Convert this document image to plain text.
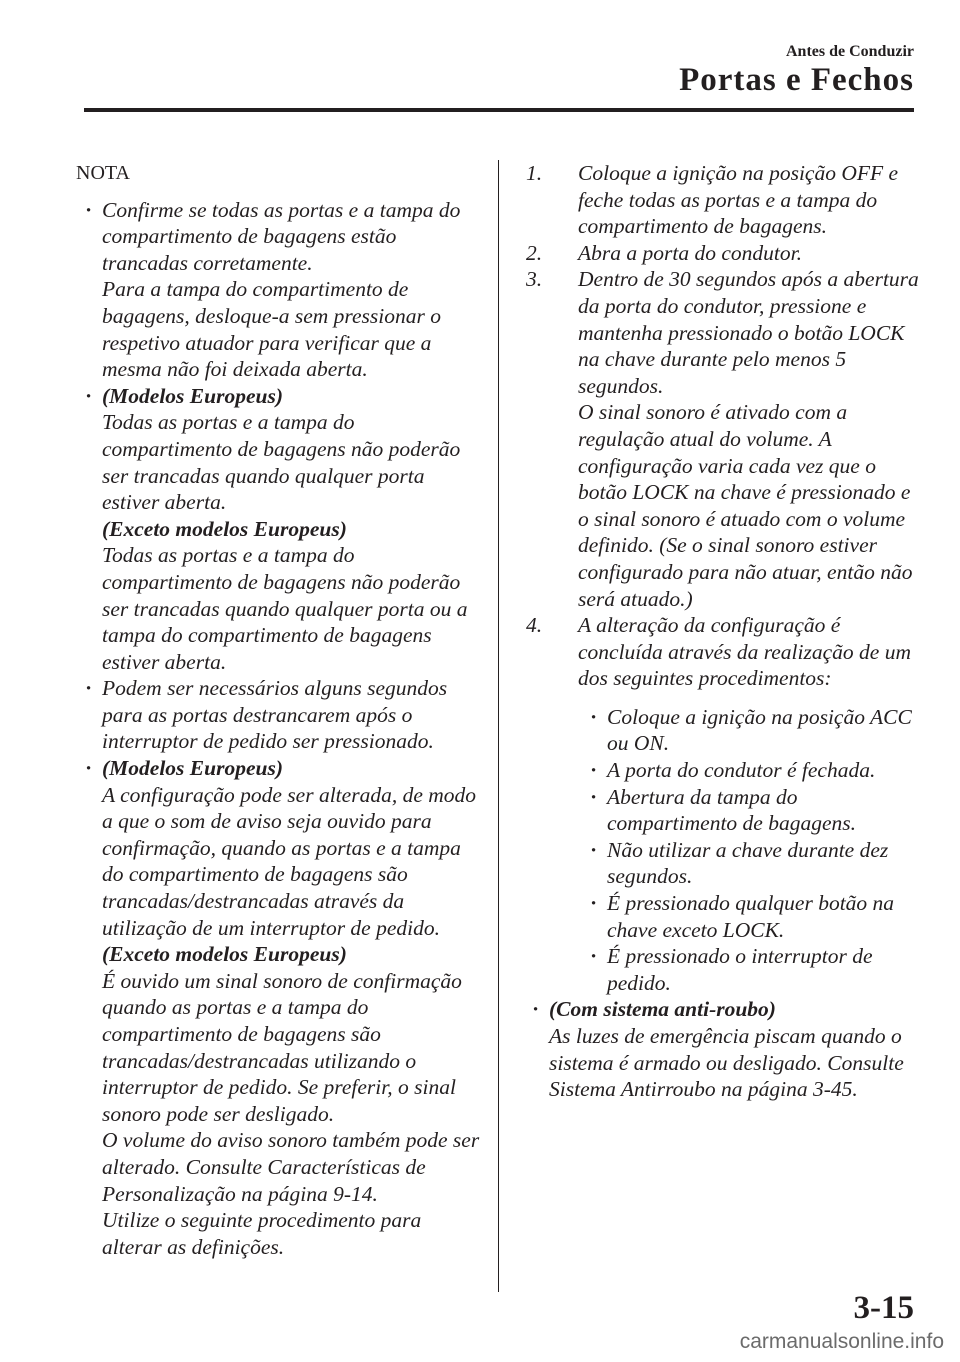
Antes de Conduzir
Portas e Fechos

NOTA

· Confirme se todas as portas e a tampa do compartimento de bagagens estão trancadas corretamente.

Para a tampa do compartimento de bagagens, desloque-a sem pressionar o respetivo atuador para verificar que a mesma não foi deixada aberta.

· (Modelos Europeus)

Todas as portas e a tampa do compartimento de bagagens não poderão ser trancadas quando qualquer porta estiver aberta.

(Exceto modelos Europeus)

Todas as portas e a tampa do compartimento de bagagens não poderão ser trancadas quando qualquer porta ou a tampa do compartimento de bagagens estiver aberta.

· Podem ser necessários alguns segundos para as portas destrancarem após o interruptor de pedido ser pressionado.

· (Modelos Europeus)

A configuração pode ser alterada, de modo a que o som de aviso seja ouvido para confirmação, quando as portas e a tampa do compartimento de bagagens são trancadas/destrancadas através da utilização de um interruptor de pedido.

(Exceto modelos Europeus)

É ouvido um sinal sonoro de confirmação quando as portas e a tampa do compartimento de bagagens são trancadas/destrancadas utilizando o interruptor de pedido. Se preferir, o sinal sonoro pode ser desligado.

O volume do aviso sonoro também pode ser alterado. Consulte Características de Personalização na página 9-14.

Utilize o seguinte procedimento para alterar as definições.

1. Coloque a ignição na posição OFF e feche todas as portas e a tampa do compartimento de bagagens.

2. Abra a porta do condutor.

3. Dentro de 30 segundos após a abertura da porta do condutor, pressione e mantenha pressionado o botão LOCK na chave durante pelo menos 5 segundos.

O sinal sonoro é ativado com a regulação atual do volume. A configuração varia cada vez que o botão LOCK na chave é pressionado e o sinal sonoro é atuado com o volume definido. (Se o sinal sonoro estiver configurado para não atuar, então não será atuado.)

4. A alteração da configuração é concluída através da realização de um dos seguintes procedimentos:

· Coloque a ignição na posição ACC ou ON.

· A porta do condutor é fechada.

· Abertura da tampa do compartimento de bagagens.

· Não utilizar a chave durante dez segundos.

· É pressionado qualquer botão na chave exceto LOCK.

· É pressionado o interruptor de pedido.

· (Com sistema anti-roubo)

As luzes de emergência piscam quando o sistema é armado ou desligado. Consulte Sistema Antirroubo na página 3-45.

3-15
carmanualsonline.info
